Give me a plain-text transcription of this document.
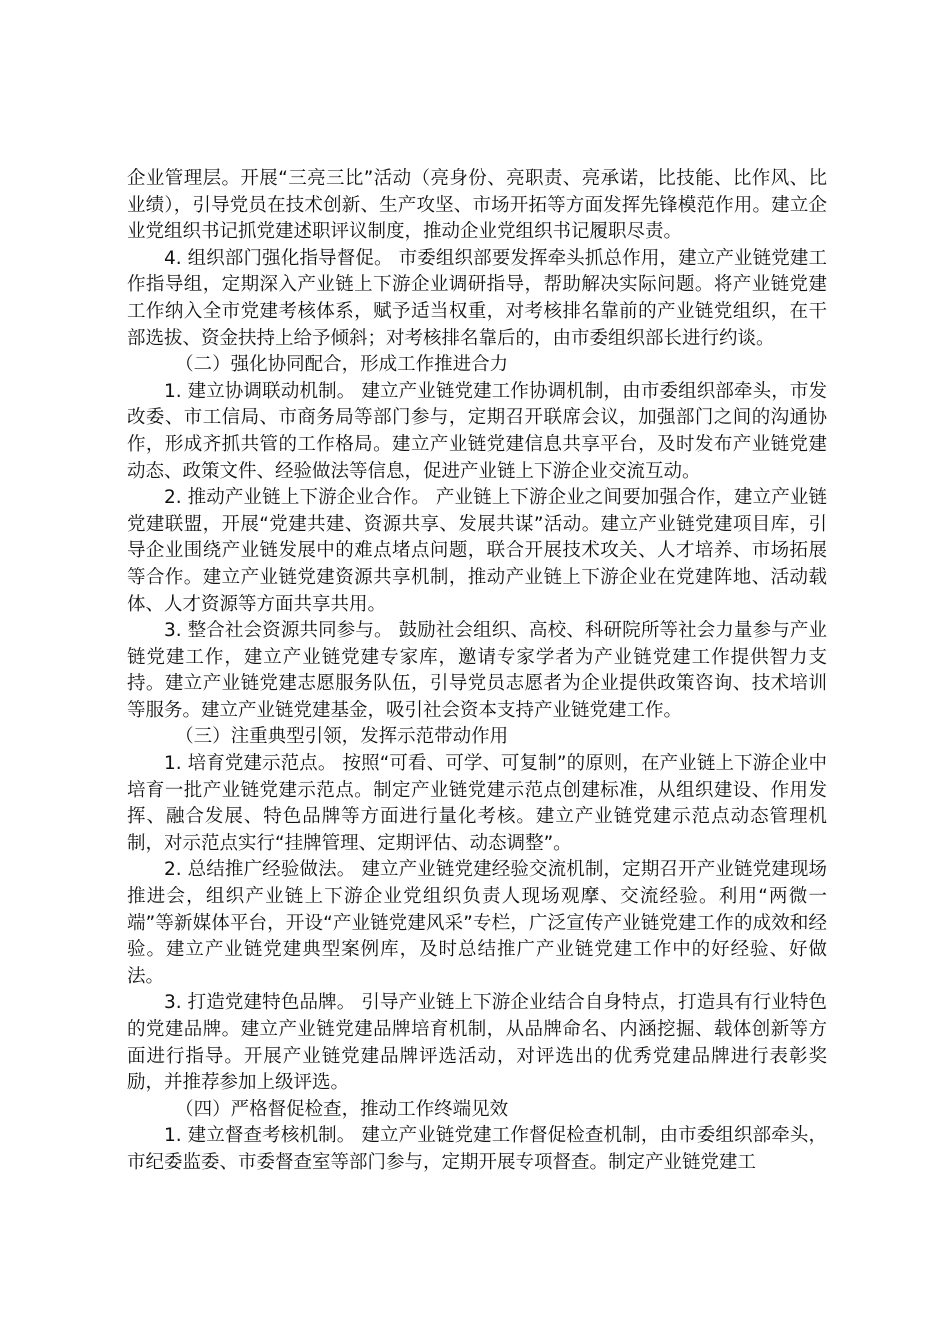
企业管理层。开展“三亮三比”活动（亮身份、亮职责、亮承诺，比技能、比作风、比业绩），引导党员在技术创新、生产攻坚、市场开拓等方面发挥先锋模范作用。建立企业党组织书记抓党建述职评议制度，推动企业党组织书记履职尽责。

4. 组织部门强化指导督促。 市委组织部要发挥牵头抓总作用，建立产业链党建工作指导组，定期深入产业链上下游企业调研指导，帮助解决实际问题。将产业链党建工作纳入全市党建考核体系，赋予适当权重，对考核排名靠前的产业链党组织，在干部选拔、资金扶持上给予倾斜；对考核排名靠后的，由市委组织部长进行约谈。

（二）强化协同配合，形成工作推进合力

1. 建立协调联动机制。 建立产业链党建工作协调机制，由市委组织部牵头，市发改委、市工信局、市商务局等部门参与，定期召开联席会议，加强部门之间的沟通协作，形成齐抓共管的工作格局。建立产业链党建信息共享平台，及时发布产业链党建动态、政策文件、经验做法等信息，促进产业链上下游企业交流互动。

2. 推动产业链上下游企业合作。 产业链上下游企业之间要加强合作，建立产业链党建联盟，开展“党建共建、资源共享、发展共谋”活动。建立产业链党建项目库，引导企业围绕产业链发展中的难点堵点问题，联合开展技术攻关、人才培养、市场拓展等合作。建立产业链党建资源共享机制，推动产业链上下游企业在党建阵地、活动载体、人才资源等方面共享共用。

3. 整合社会资源共同参与。 鼓励社会组织、高校、科研院所等社会力量参与产业链党建工作，建立产业链党建专家库，邀请专家学者为产业链党建工作提供智力支持。建立产业链党建志愿服务队伍，引导党员志愿者为企业提供政策咨询、技术培训等服务。建立产业链党建基金，吸引社会资本支持产业链党建工作。

（三）注重典型引领，发挥示范带动作用

1. 培育党建示范点。 按照“可看、可学、可复制”的原则，在产业链上下游企业中培育一批产业链党建示范点。制定产业链党建示范点创建标准，从组织建设、作用发挥、融合发展、特色品牌等方面进行量化考核。建立产业链党建示范点动态管理机制，对示范点实行“挂牌管理、定期评估、动态调整”。

2. 总结推广经验做法。 建立产业链党建经验交流机制，定期召开产业链党建现场推进会，组织产业链上下游企业党组织负责人现场观摩、交流经验。利用“两微一端”等新媒体平台，开设“产业链党建风采”专栏，广泛宣传产业链党建工作的成效和经验。建立产业链党建典型案例库，及时总结推广产业链党建工作中的好经验、好做法。

3. 打造党建特色品牌。 引导产业链上下游企业结合自身特点，打造具有行业特色的党建品牌。建立产业链党建品牌培育机制，从品牌命名、内涵挖掘、载体创新等方面进行指导。开展产业链党建品牌评选活动，对评选出的优秀党建品牌进行表彰奖励，并推荐参加上级评选。

（四）严格督促检查，推动工作终端见效

1. 建立督查考核机制。 建立产业链党建工作督促检查机制，由市委组织部牵头，市纪委监委、市委督查室等部门参与，定期开展专项督查。制定产业链党建工
